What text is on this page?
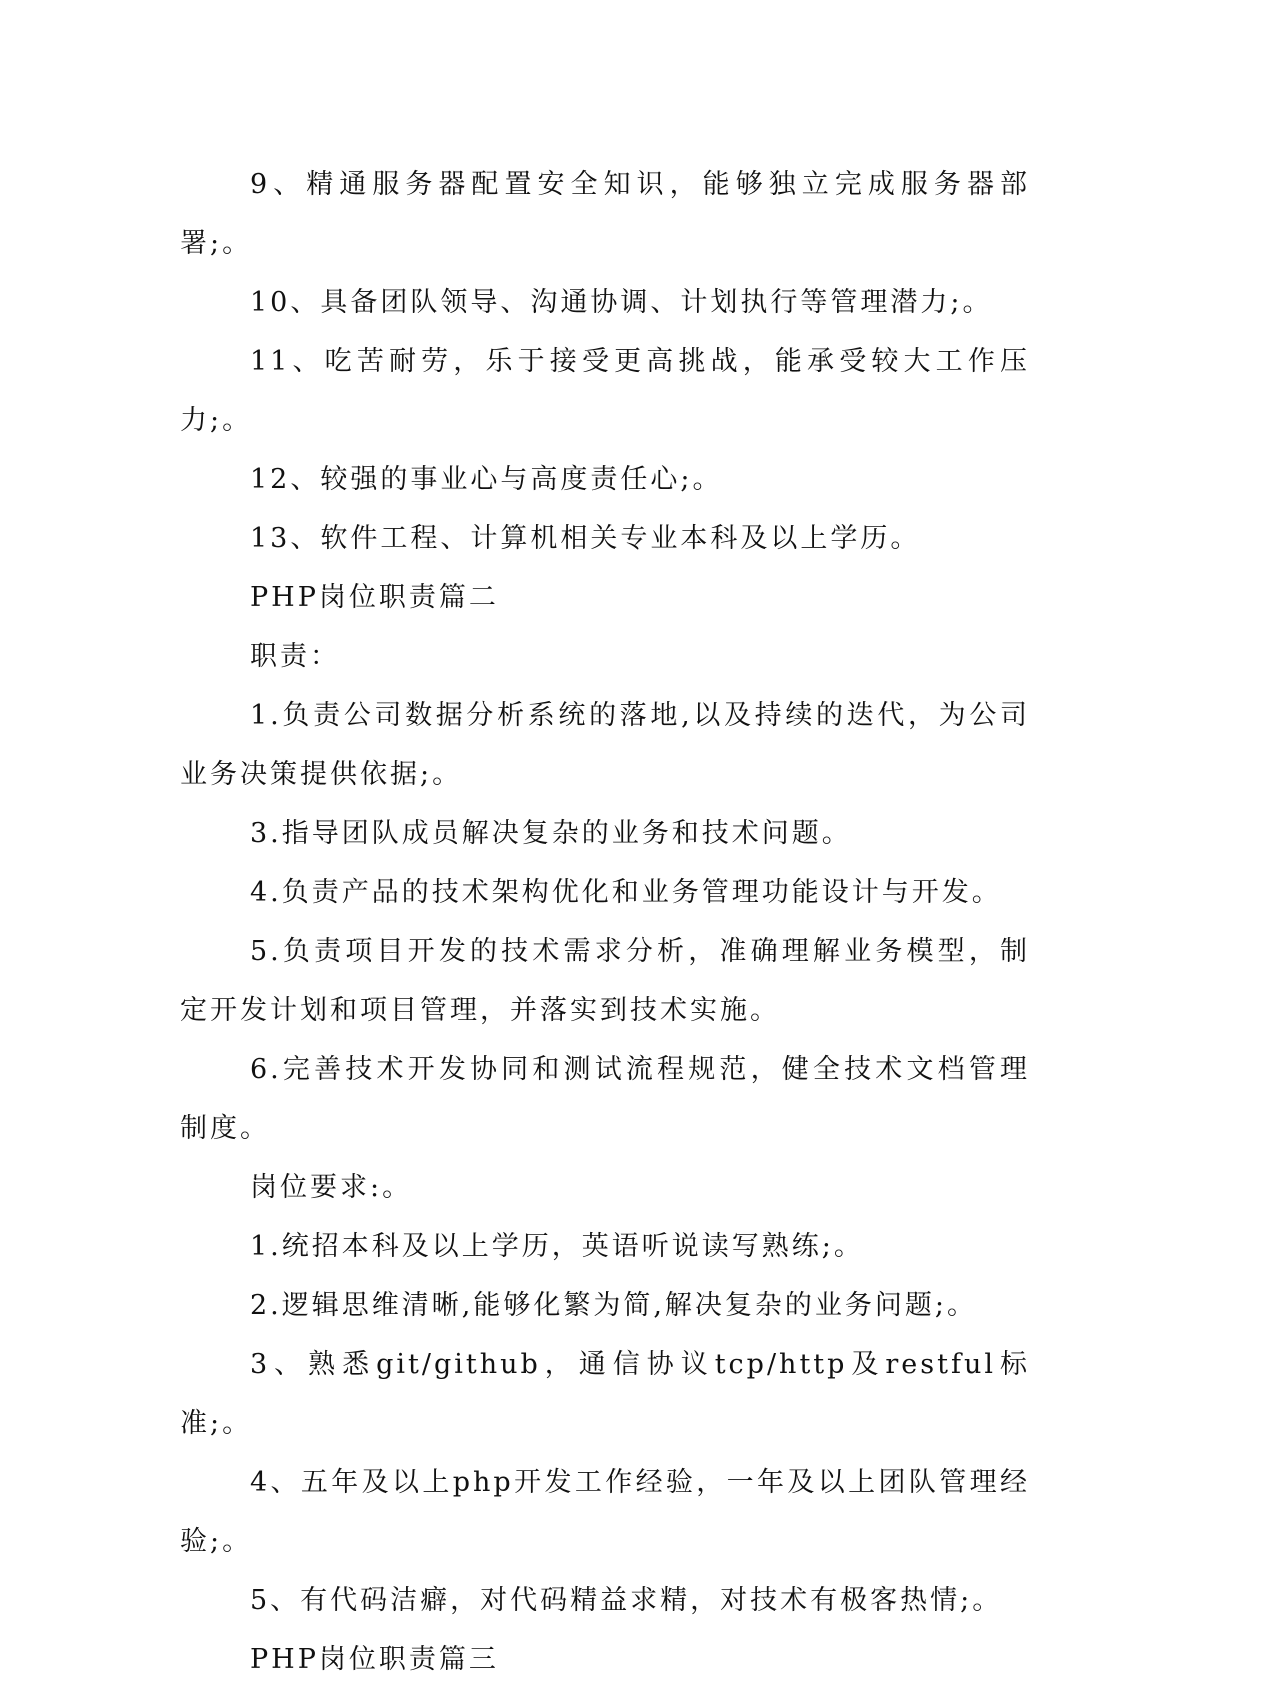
9、精通服务器配置安全知识，能够独立完成服务器部署;。

10、具备团队领导、沟通协调、计划执行等管理潜力;。

11、吃苦耐劳，乐于接受更高挑战，能承受较大工作压力;。

12、较强的事业心与高度责任心;。

13、软件工程、计算机相关专业本科及以上学历。

PHP岗位职责篇二

职责：

1.负责公司数据分析系统的落地,以及持续的迭代，为公司业务决策提供依据;。

3.指导团队成员解决复杂的业务和技术问题。

4.负责产品的技术架构优化和业务管理功能设计与开发。

5.负责项目开发的技术需求分析，准确理解业务模型，制定开发计划和项目管理，并落实到技术实施。

6.完善技术开发协同和测试流程规范，健全技术文档管理制度。

岗位要求:。

1.统招本科及以上学历，英语听说读写熟练;。

2.逻辑思维清晰,能够化繁为简,解决复杂的业务问题;。

3、熟悉git/github，通信协议tcp/http及restful标准;。

4、五年及以上php开发工作经验，一年及以上团队管理经验;。

5、有代码洁癖，对代码精益求精，对技术有极客热情;。

PHP岗位职责篇三
